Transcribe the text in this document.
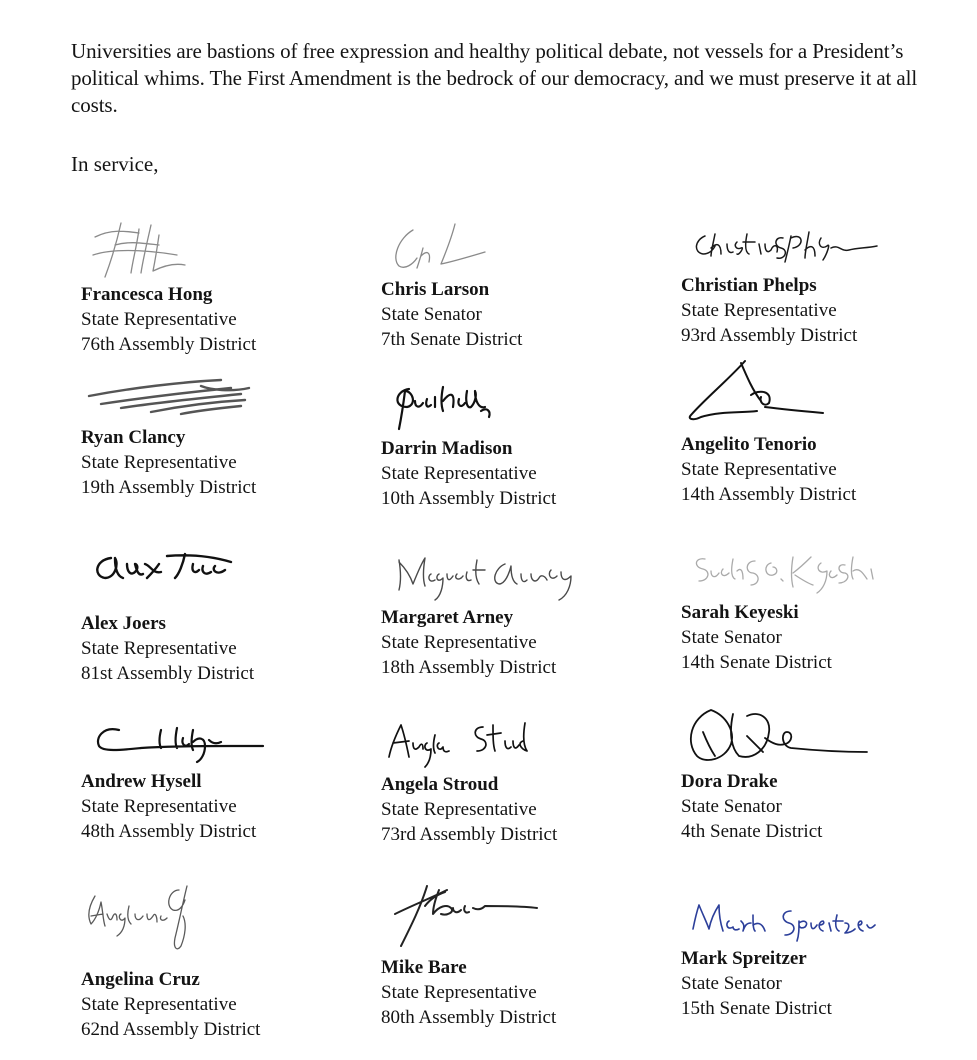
Universities are bastions of free expression and healthy political debate, not vessels for a President’s political whims. The First Amendment is the bedrock of our democracy, and we must preserve it at all costs.

In service,

Francesca Hong
State Representative
76th Assembly District
Chris Larson
State Senator
7th Senate District
Christian Phelps
State Representative
93rd Assembly District
Ryan Clancy
State Representative
19th Assembly District
Darrin Madison
State Representative
10th Assembly District
Angelito Tenorio
State Representative
14th Assembly District
Alex Joers
State Representative
81st Assembly District
Margaret Arney
State Representative
18th Assembly District
Sarah Keyeski
State Senator
14th Senate District
Andrew Hysell
State Representative
48th Assembly District
Angela Stroud
State Representative
73rd Assembly District
Dora Drake
State Senator
4th Senate District
Angelina Cruz
State Representative
62nd Assembly District
Mike Bare
State Representative
80th Assembly District
Mark Spreitzer
State Senator
15th Senate District
